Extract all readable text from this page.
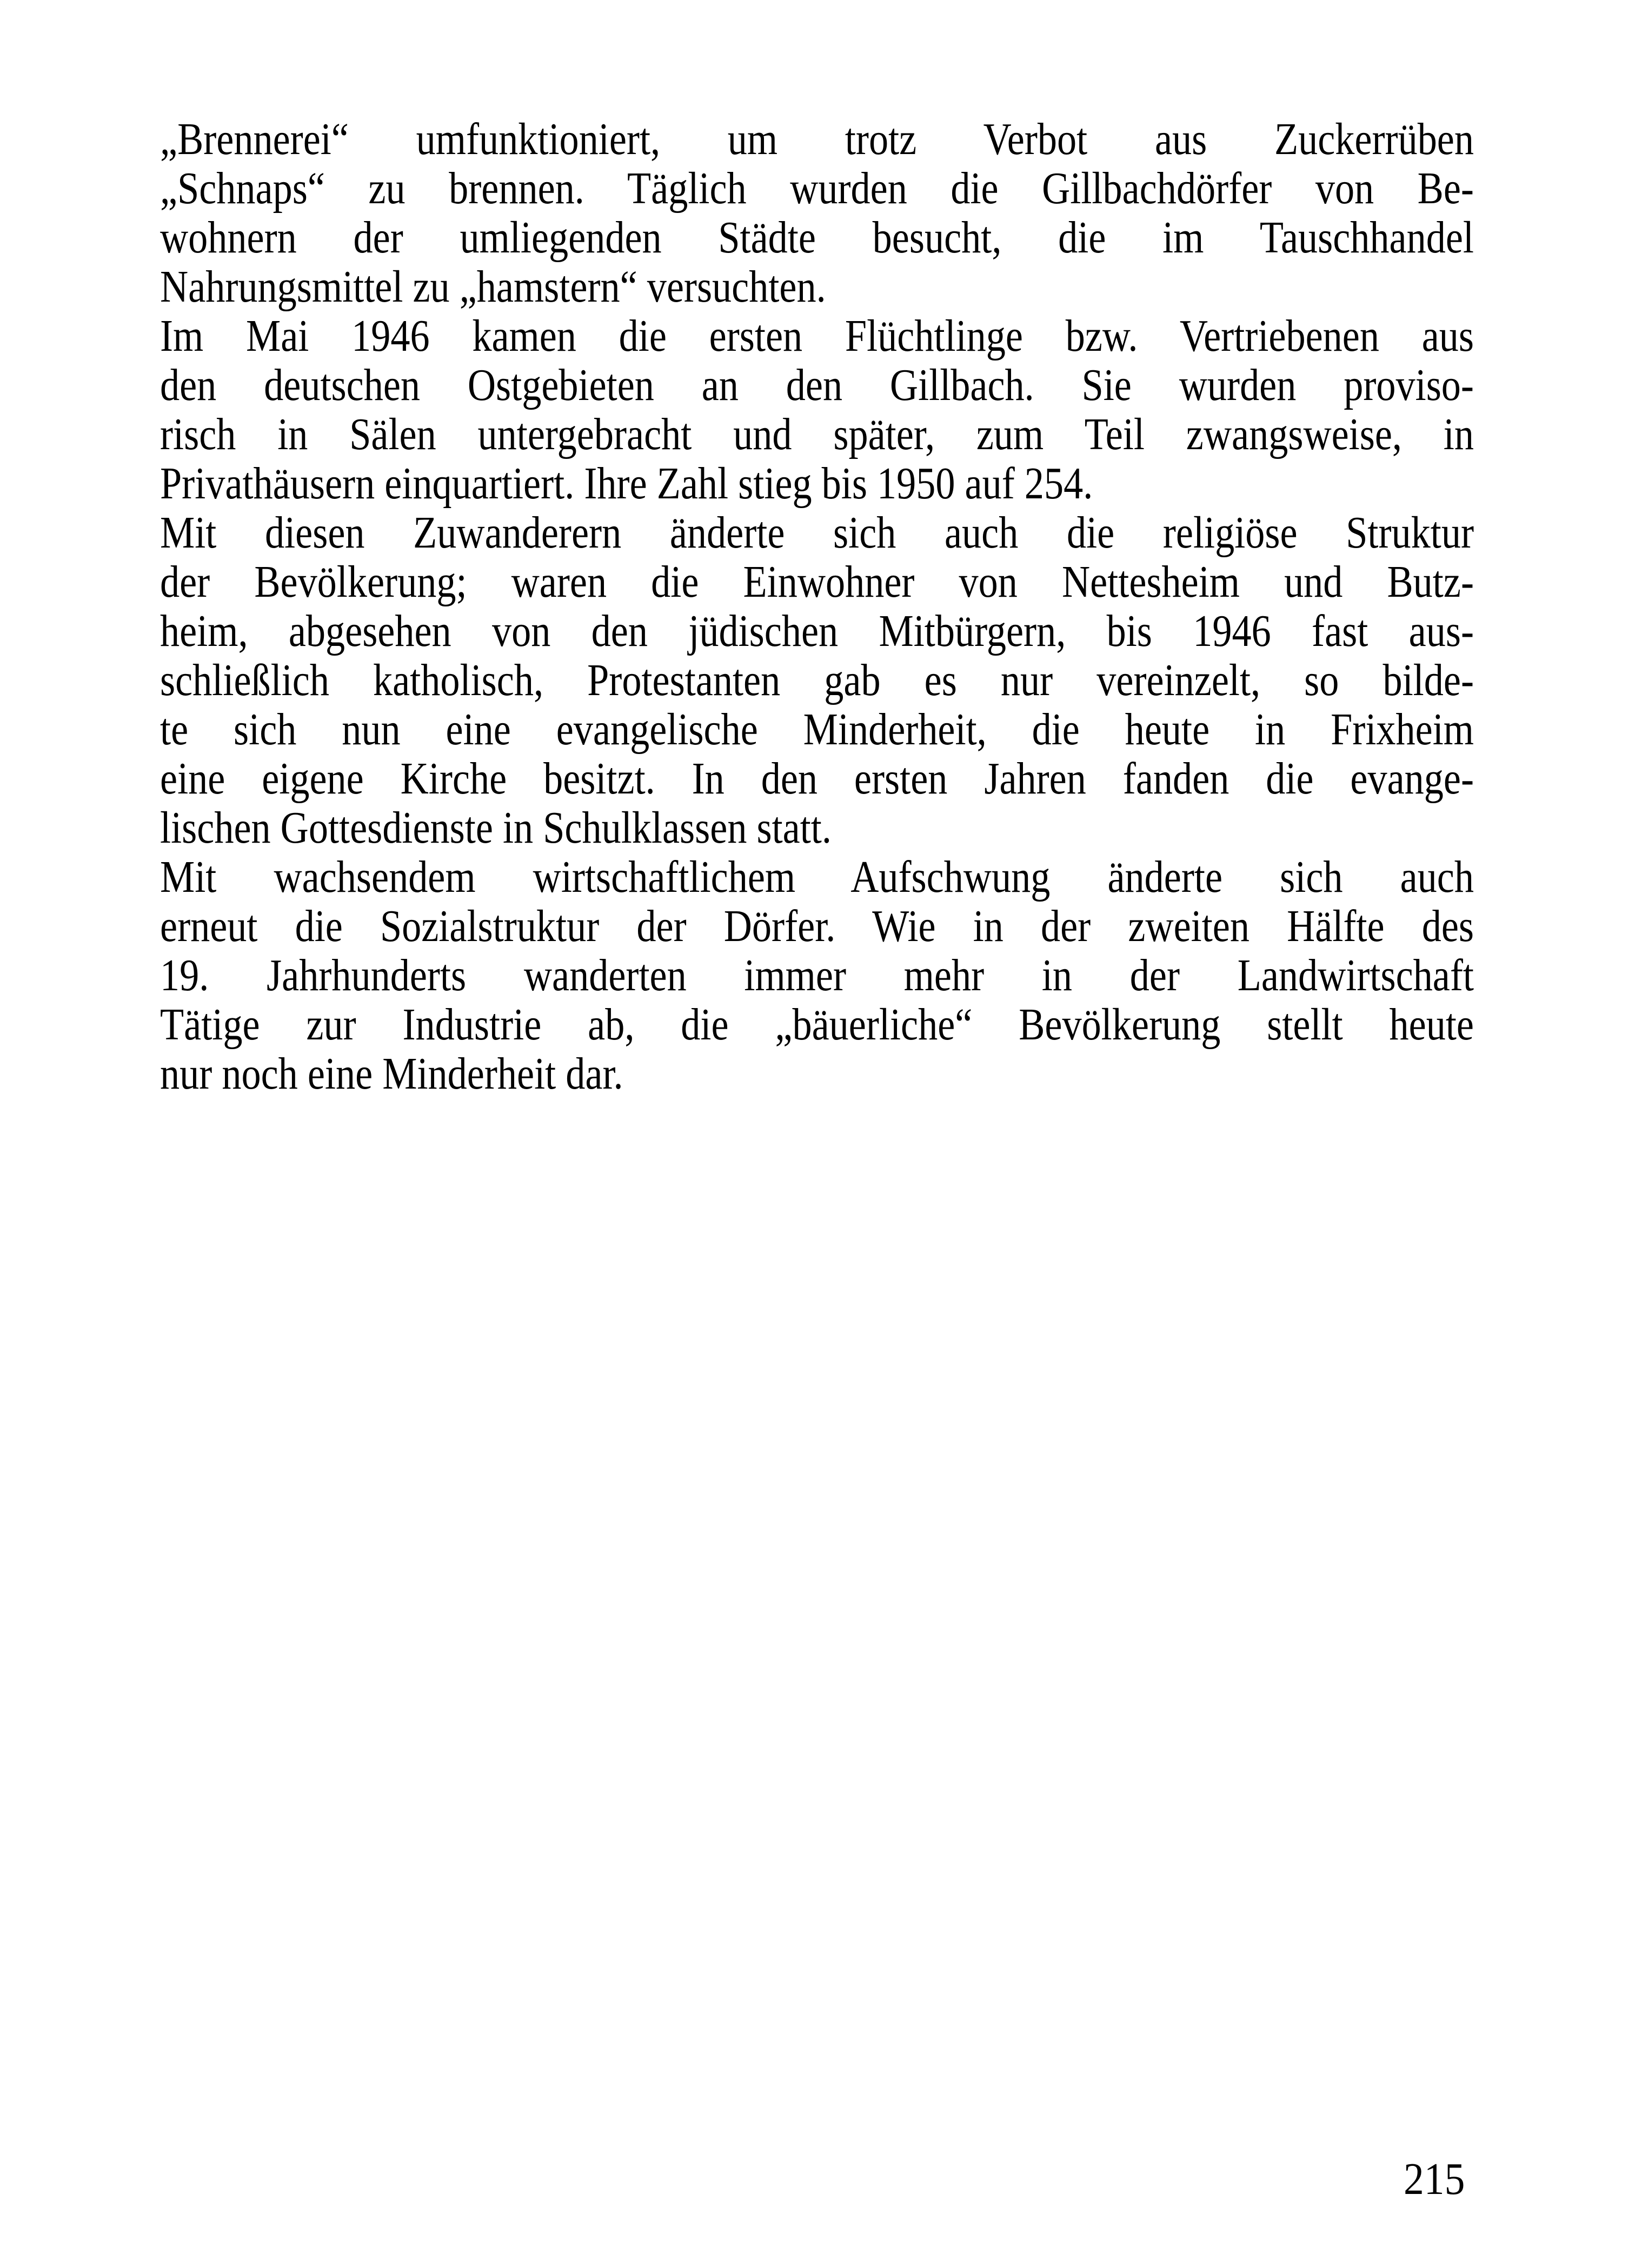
„Brennerei“ umfunktioniert, um trotz Verbot aus Zuckerrüben
„Schnaps“ zu brennen. Täglich wurden die Gillbachdörfer von Be-
wohnern der umliegenden Städte besucht, die im Tauschhandel
Nahrungsmittel zu „hamstern“ versuchten.
Im Mai 1946 kamen die ersten Flüchtlinge bzw. Vertriebenen aus
den deutschen Ostgebieten an den Gillbach. Sie wurden proviso-
risch in Sälen untergebracht und später, zum Teil zwangsweise, in
Privathäusern einquartiert. Ihre Zahl stieg bis 1950 auf 254.
Mit diesen Zuwanderern änderte sich auch die religiöse Struktur
der Bevölkerung; waren die Einwohner von Nettesheim und Butz-
heim, abgesehen von den jüdischen Mitbürgern, bis 1946 fast aus-
schließlich katholisch, Protestanten gab es nur vereinzelt, so bilde-
te sich nun eine evangelische Minderheit, die heute in Frixheim
eine eigene Kirche besitzt. In den ersten Jahren fanden die evange-
lischen Gottesdienste in Schulklassen statt.
Mit wachsendem wirtschaftlichem Aufschwung änderte sich auch
erneut die Sozialstruktur der Dörfer. Wie in der zweiten Hälfte des
19. Jahrhunderts wanderten immer mehr in der Landwirtschaft
Tätige zur Industrie ab, die „bäuerliche“ Bevölkerung stellt heute
nur noch eine Minderheit dar.
215
